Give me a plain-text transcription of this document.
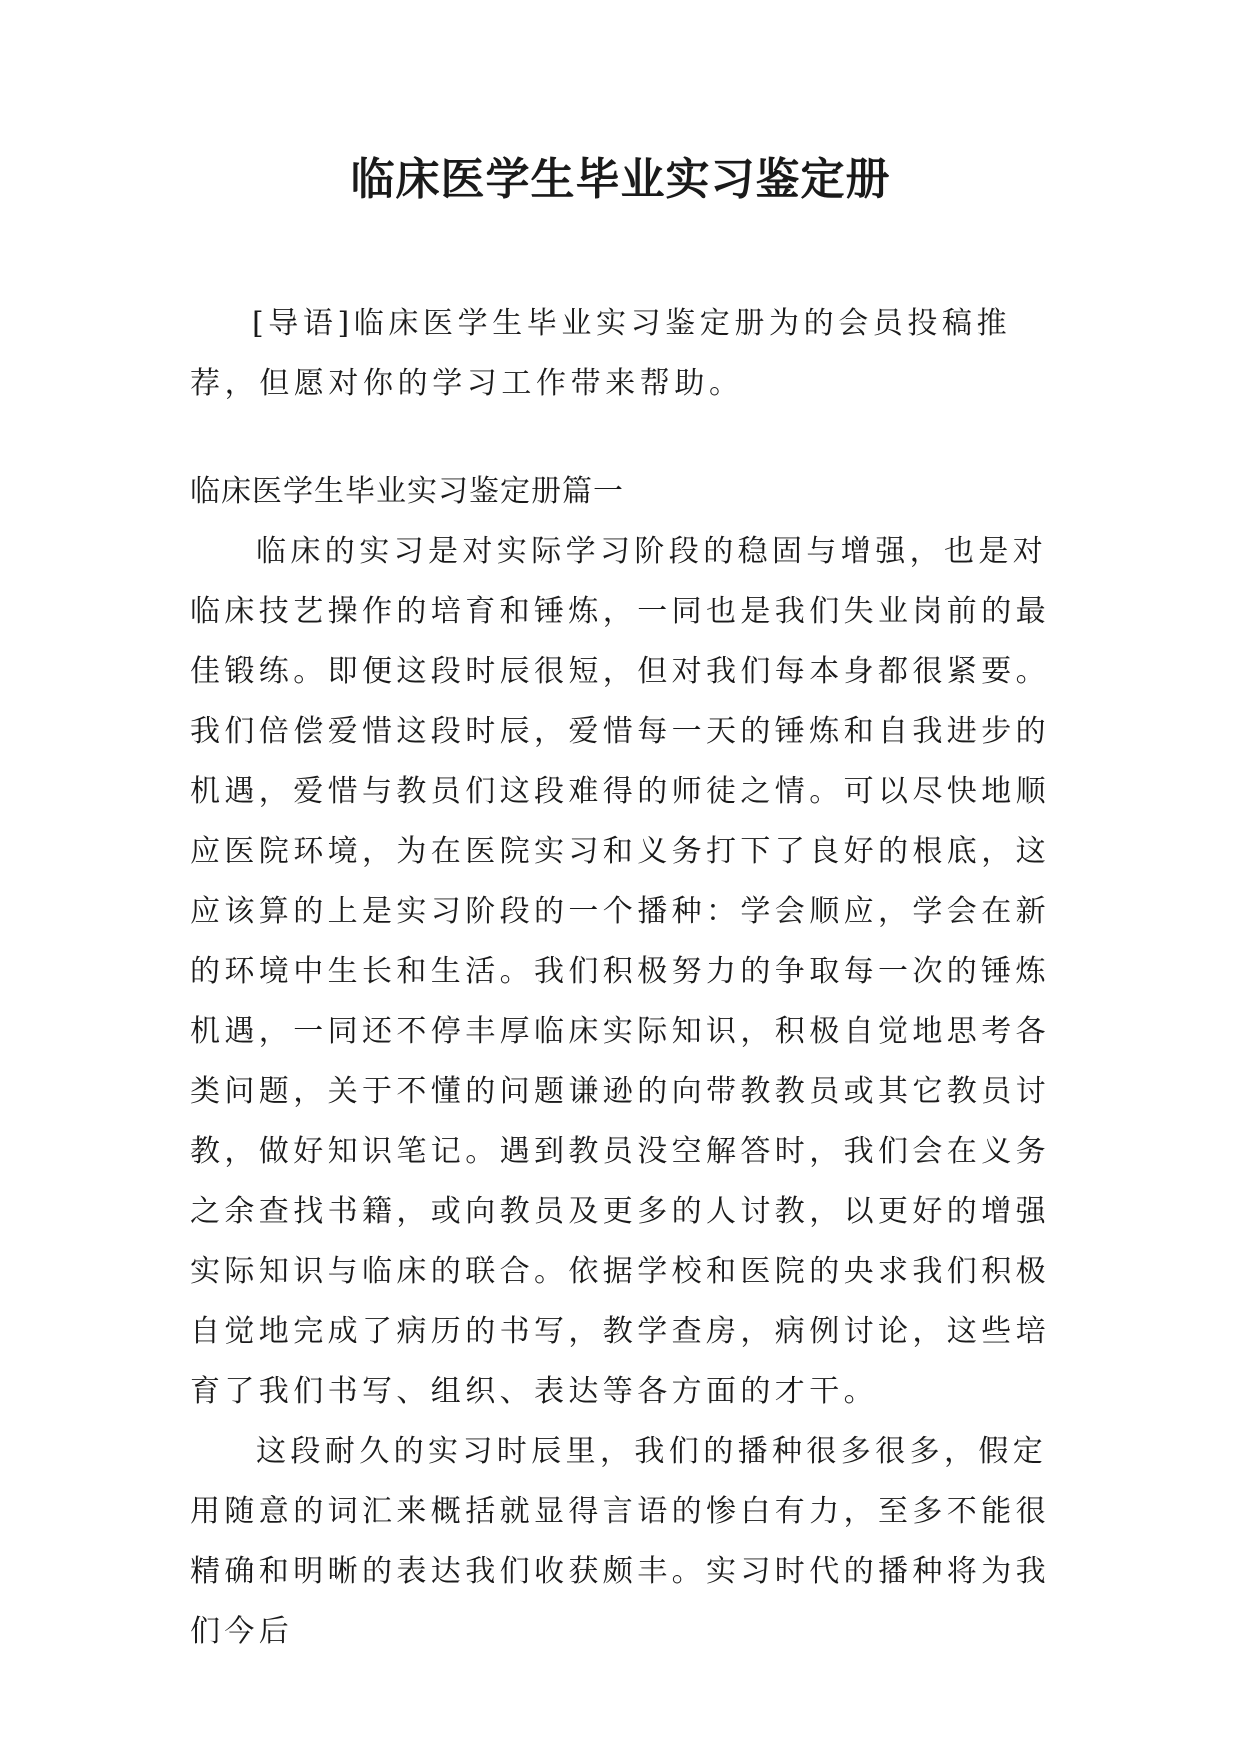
临床医学生毕业实习鉴定册

[导语]临床医学生毕业实习鉴定册为的会员投稿推荐，但愿对你的学习工作带来帮助。

临床医学生毕业实习鉴定册篇一

临床的实习是对实际学习阶段的稳固与增强，也是对临床技艺操作的培育和锤炼，一同也是我们失业岗前的最佳锻练。即便这段时辰很短，但对我们每本身都很紧要。我们倍偿爱惜这段时辰，爱惜每一天的锤炼和自我进步的机遇，爱惜与教员们这段难得的师徒之情。可以尽快地顺应医院环境，为在医院实习和义务打下了良好的根底，这应该算的上是实习阶段的一个播种：学会顺应，学会在新的环境中生长和生活。我们积极努力的争取每一次的锤炼机遇，一同还不停丰厚临床实际知识，积极自觉地思考各类问题，关于不懂的问题谦逊的向带教教员或其它教员讨教，做好知识笔记。遇到教员没空解答时，我们会在义务之余查找书籍，或向教员及更多的人讨教，以更好的增强实际知识与临床的联合。依据学校和医院的央求我们积极自觉地完成了病历的书写，教学查房，病例讨论，这些培育了我们书写、组织、表达等各方面的才干。

这段耐久的实习时辰里，我们的播种很多很多，假定用随意的词汇来概括就显得言语的惨白有力，至多不能很精确和明晰的表达我们收获颇丰。实习时代的播种将为我们今后
